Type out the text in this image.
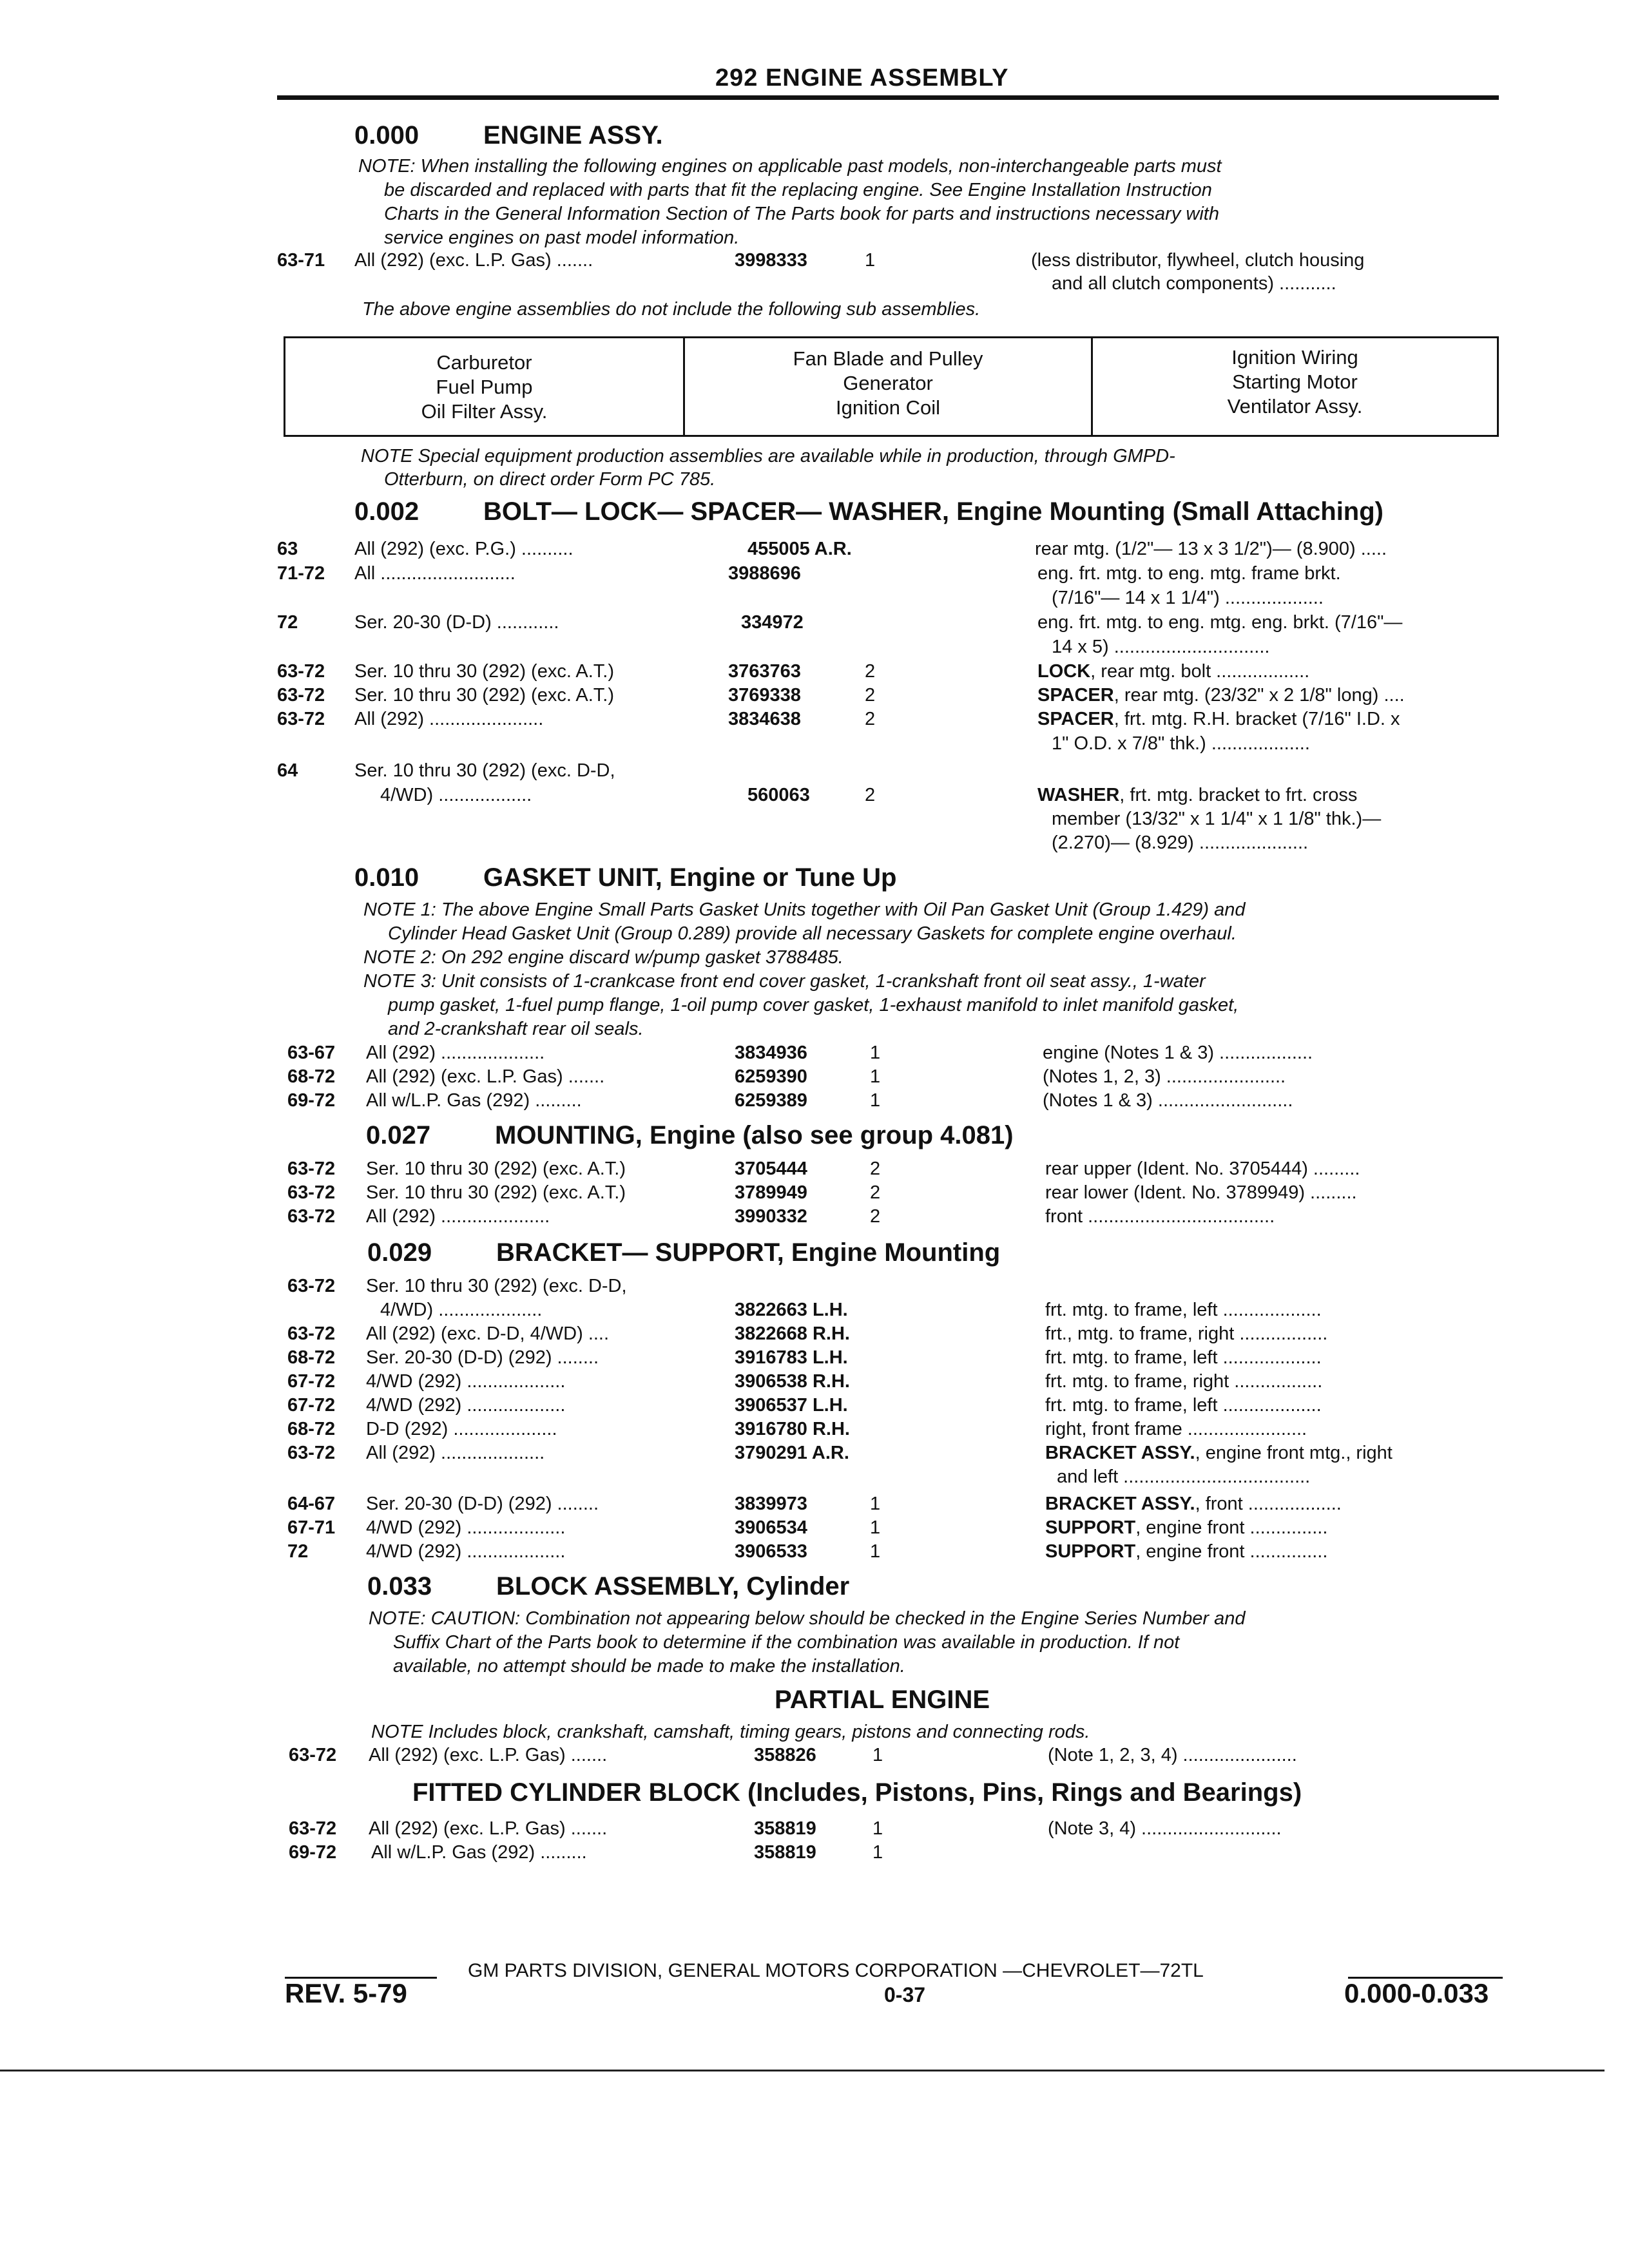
292 ENGINE ASSEMBLY
0.000 ENGINE ASSY.
NOTE: When installing the following engines on applicable past models, non-interchangeable parts must
be discarded and replaced with parts that fit the replacing engine. See Engine Installation Instruction
Charts in the General Information Section of The Parts book for parts and instructions necessary with
service engines on past model information.
63-71 All (292) (exc. L.P. Gas) .......	3998333	1	(less distributor, flywheel, clutch housing
and all clutch components) ...........
The above engine assemblies do not include the following sub assemblies.
Carburetor
Fuel Pump
Oil Filter Assy.
Fan Blade and Pulley
Generator
Ignition Coil
Ignition Wiring
Starting Motor
Ventilator Assy.
NOTE Special equipment production assemblies are available while in production, through GMPD-
Otterburn, on direct order Form PC 785.
0.002 BOLT— LOCK— SPACER— WASHER, Engine Mounting (Small Attaching)
63	All (292) (exc. P.G.) ..........	455005 A.R.	rear mtg. (1/2"— 13 x 3 1/2")— (8.900) .....
71-72 All ..........................	3988696	eng. frt. mtg. to eng. mtg. frame brkt.
(7/16"— 14 x 1 1/4") ...................
72	Ser. 20-30 (D-D) ............	334972	eng. frt. mtg. to eng. mtg. eng. brkt. (7/16"—
14 x 5) ..............................
63-72 Ser. 10 thru 30 (292) (exc. A.T.)	3763763	2	LOCK, rear mtg. bolt ..................
63-72 Ser. 10 thru 30 (292) (exc. A.T.)	3769338	2	SPACER, rear mtg. (23/32" x 2 1/8" long) ....
63-72 All (292) ......................	3834638	2	SPACER, frt. mtg. R.H. bracket (7/16" I.D. x
1" O.D. x 7/8" thk.) ...................
64	Ser. 10 thru 30 (292) (exc. D-D,
4/WD) ..................	560063	2	WASHER, frt. mtg. bracket to frt. cross
member (13/32" x 1 1/4" x 1 1/8" thk.)—
(2.270)— (8.929) .....................
0.010 GASKET UNIT, Engine or Tune Up
NOTE 1: The above Engine Small Parts Gasket Units together with Oil Pan Gasket Unit (Group 1.429) and
Cylinder Head Gasket Unit (Group 0.289) provide all necessary Gaskets for complete engine overhaul.
NOTE 2: On 292 engine discard w/pump gasket 3788485.
NOTE 3: Unit consists of 1-crankcase front end cover gasket, 1-crankshaft front oil seat assy., 1-water
pump gasket, 1-fuel pump flange, 1-oil pump cover gasket, 1-exhaust manifold to inlet manifold gasket,
and 2-crankshaft rear oil seals.
63-67 All (292) ....................	3834936	1	engine (Notes 1 & 3) ..................
68-72 All (292) (exc. L.P. Gas) .......	6259390	1	(Notes 1, 2, 3) .......................
69-72 All w/L.P. Gas (292) .........	6259389	1	(Notes 1 & 3) ..........................
0.027 MOUNTING, Engine (also see group 4.081)
63-72 Ser. 10 thru 30 (292) (exc. A.T.)	3705444	2	rear upper (Ident. No. 3705444) .........
63-72 Ser. 10 thru 30 (292) (exc. A.T.)	3789949	2	rear lower (Ident. No. 3789949) .........
63-72 All (292) .....................	3990332	2	front ....................................
0.029 BRACKET— SUPPORT, Engine Mounting
63-72 Ser. 10 thru 30 (292) (exc. D-D,
4/WD) ....................	3822663 L.H.	frt. mtg. to frame, left ...................
63-72 All (292) (exc. D-D, 4/WD) ....	3822668 R.H.	frt., mtg. to frame, right .................
68-72 Ser. 20-30 (D-D) (292) ........	3916783 L.H.	frt. mtg. to frame, left ...................
67-72 4/WD (292) ...................	3906538 R.H.	frt. mtg. to frame, right .................
67-72 4/WD (292) ...................	3906537 L.H.	frt. mtg. to frame, left ...................
68-72 D-D (292) ....................	3916780 R.H.	right, front frame .......................
63-72 All (292) ....................	3790291 A.R.	BRACKET ASSY., engine front mtg., right
and left ....................................
64-67 Ser. 20-30 (D-D) (292) ........	3839973	1	BRACKET ASSY., front ..................
67-71 4/WD (292) ...................	3906534	1	SUPPORT, engine front ...............
72	4/WD (292) ...................	3906533	1	SUPPORT, engine front ...............
0.033 BLOCK ASSEMBLY, Cylinder
NOTE: CAUTION: Combination not appearing below should be checked in the Engine Series Number and
Suffix Chart of the Parts book to determine if the combination was available in production. If not
available, no attempt should be made to make the installation.
PARTIAL ENGINE
NOTE Includes block, crankshaft, camshaft, timing gears, pistons and connecting rods.
63-72 All (292) (exc. L.P. Gas) .......	358826	1	(Note 1, 2, 3, 4) ......................
FITTED CYLINDER BLOCK (Includes, Pistons, Pins, Rings and Bearings)
63-72 All (292) (exc. L.P. Gas) .......	358819	1	(Note 3, 4) ...........................
69-72 All w/L.P. Gas (292) .........	358819	1
GM PARTS DIVISION, GENERAL MOTORS CORPORATION —CHEVROLET—72TL
REV. 5-79	0-37	0.000-0.033
